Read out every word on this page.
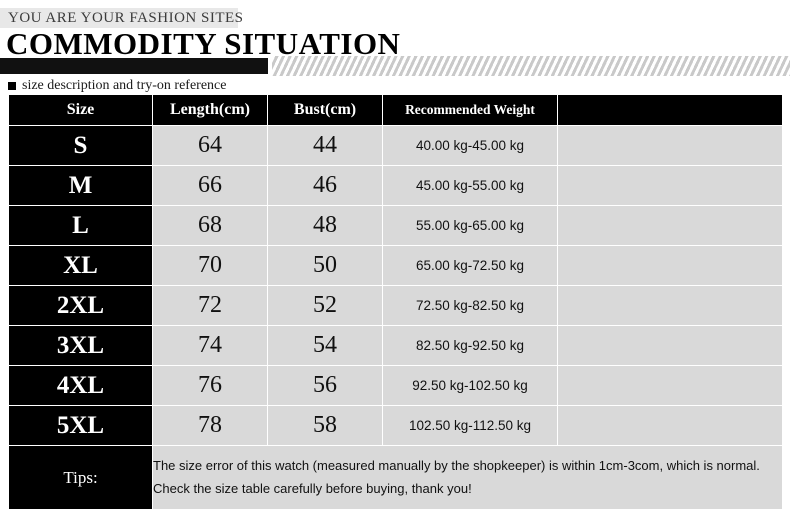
YOU ARE YOUR FASHION SITES
COMMODITY SITUATION
size description and try-on reference
Size	Length(cm)	Bust(cm)	Recommended Weight	
S	64	44	40.00 kg-45.00 kg	
M	66	46	45.00 kg-55.00 kg	
L	68	48	55.00 kg-65.00 kg	
XL	70	50	65.00 kg-72.50 kg	
2XL	72	52	72.50 kg-82.50 kg	
3XL	74	54	82.50 kg-92.50 kg	
4XL	76	56	92.50 kg-102.50 kg	
5XL	78	58	102.50 kg-112.50 kg	
Tips:	The size error of this watch (measured manually by the shopkeeper) is within 1cm-3com, which is normal.
Check the size table carefully before buying, thank you!			
